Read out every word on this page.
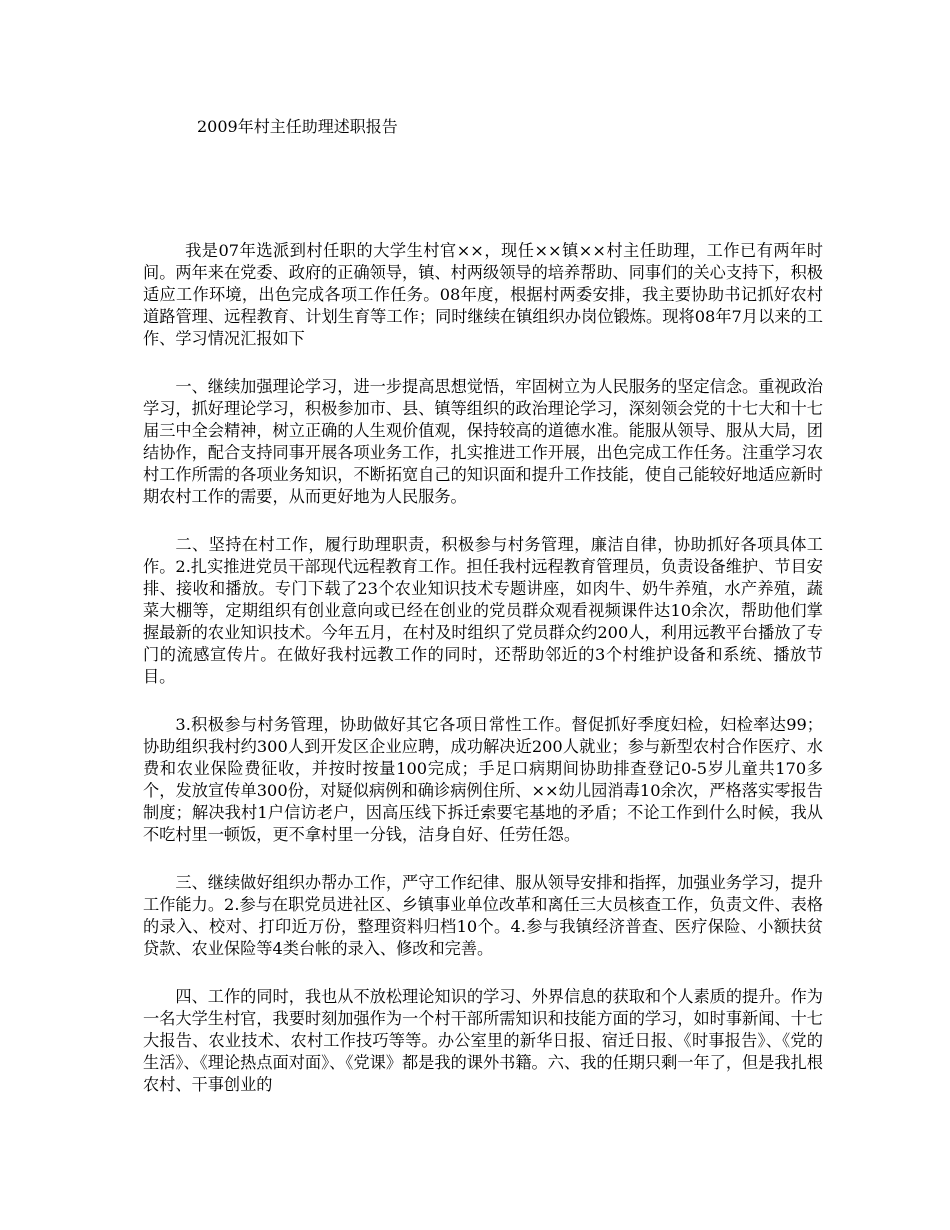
2009年村主任助理述职报告

我是07年选派到村任职的大学生村官××，现任××镇××村主任助理，工作已有两年时间。两年来在党委、政府的正确领导，镇、村两级领导的培养帮助、同事们的关心支持下，积极适应工作环境，出色完成各项工作任务。08年度，根据村两委安排，我主要协助书记抓好农村道路管理、远程教育、计划生育等工作；同时继续在镇组织办岗位锻炼。现将08年7月以来的工作、学习情况汇报如下

一、继续加强理论学习，进一步提高思想觉悟，牢固树立为人民服务的坚定信念。重视政治学习，抓好理论学习，积极参加市、县、镇等组织的政治理论学习，深刻领会党的十七大和十七届三中全会精神，树立正确的人生观价值观，保持较高的道德水准。能服从领导、服从大局，团结协作，配合支持同事开展各项业务工作，扎实推进工作开展，出色完成工作任务。注重学习农村工作所需的各项业务知识，不断拓宽自己的知识面和提升工作技能，使自己能较好地适应新时期农村工作的需要，从而更好地为人民服务。

二、坚持在村工作，履行助理职责，积极参与村务管理，廉洁自律，协助抓好各项具体工作。2.扎实推进党员干部现代远程教育工作。担任我村远程教育管理员，负责设备维护、节目安排、接收和播放。专门下载了23个农业知识技术专题讲座，如肉牛、奶牛养殖，水产养殖，蔬菜大棚等，定期组织有创业意向或已经在创业的党员群众观看视频课件达10余次，帮助他们掌握最新的农业知识技术。今年五月，在村及时组织了党员群众约200人，利用远教平台播放了专门的流感宣传片。在做好我村远教工作的同时，还帮助邻近的3个村维护设备和系统、播放节目。

3.积极参与村务管理，协助做好其它各项日常性工作。督促抓好季度妇检，妇检率达99；协助组织我村约300人到开发区企业应聘，成功解决近200人就业；参与新型农村合作医疗、水费和农业保险费征收，并按时按量100完成；手足口病期间协助排查登记0-5岁儿童共170多个，发放宣传单300份，对疑似病例和确诊病例住所、××幼儿园消毒10余次，严格落实零报告制度；解决我村1户信访老户，因高压线下拆迁索要宅基地的矛盾；不论工作到什么时候，我从不吃村里一顿饭，更不拿村里一分钱，洁身自好、任劳任怨。

三、继续做好组织办帮办工作，严守工作纪律、服从领导安排和指挥，加强业务学习，提升工作能力。2.参与在职党员进社区、乡镇事业单位改革和离任三大员核查工作，负责文件、表格的录入、校对、打印近万份，整理资料归档10个。4.参与我镇经济普查、医疗保险、小额扶贫贷款、农业保险等4类台帐的录入、修改和完善。

四、工作的同时，我也从不放松理论知识的学习、外界信息的获取和个人素质的提升。作为一名大学生村官，我要时刻加强作为一个村干部所需知识和技能方面的学习，如时事新闻、十七大报告、农业技术、农村工作技巧等等。办公室里的新华日报、宿迁日报、《时事报告》、《党的生活》、《理论热点面对面》、《党课》都是我的课外书籍。六、我的任期只剩一年了，但是我扎根农村、干事创业的
